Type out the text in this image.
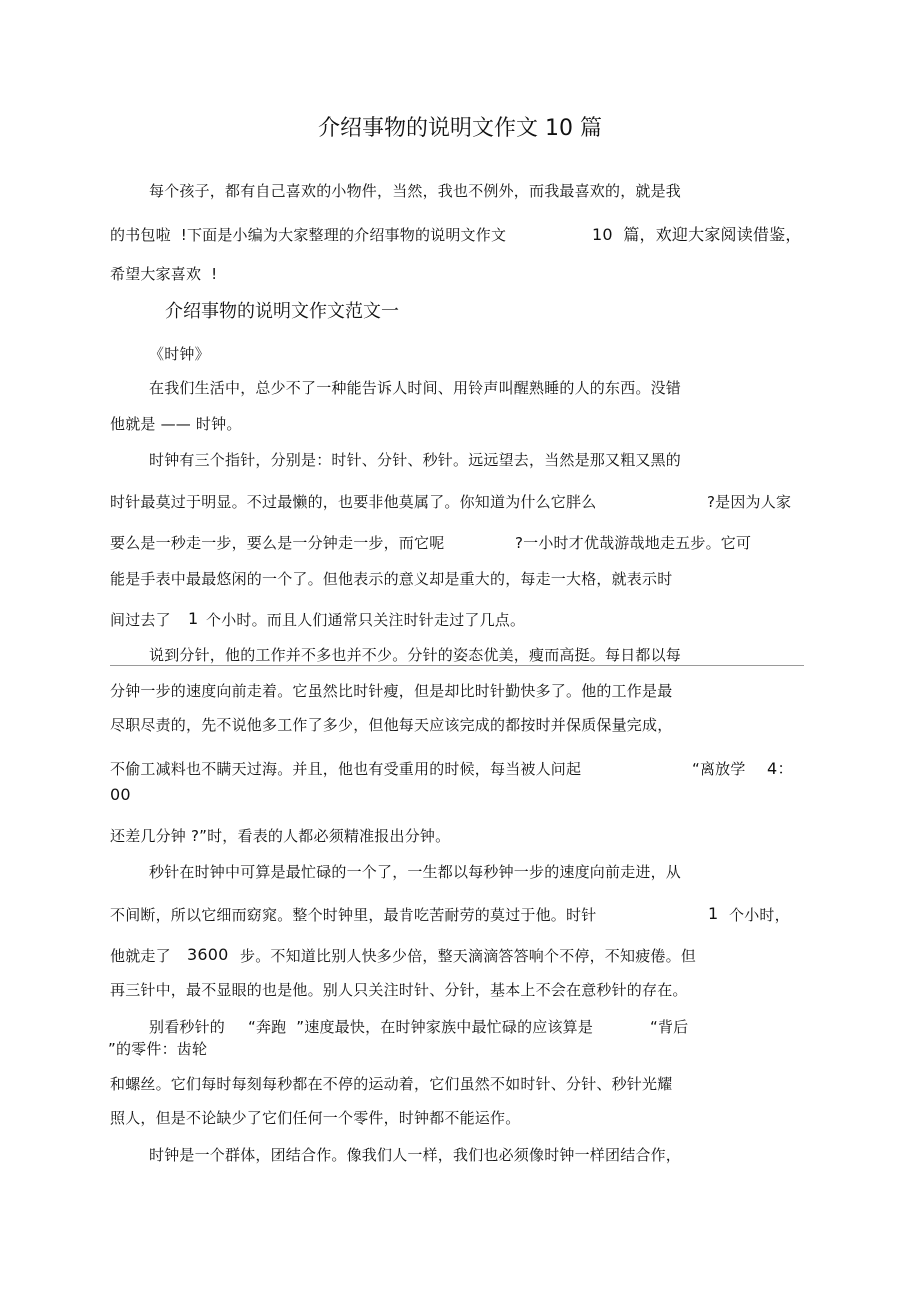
介绍事物的说明文作文 10 篇
每个孩子，都有自己喜欢的小物件，当然，我也不例外，而我最喜欢的，就是我
的书包啦  !下面是小编为大家整理的介绍事物的说明文作文	10  篇，欢迎大家阅读借鉴，
希望大家喜欢  !
介绍事物的说明文作文范文一
《时钟》
在我们生活中，总少不了一种能告诉人时间、用铃声叫醒熟睡的人的东西。没错
他就是 —— 时钟。
时钟有三个指针，分别是：时针、分针、秒针。远远望去，当然是那又粗又黑的
时针最莫过于明显。不过最懒的，也要非他莫属了。你知道为什么它胖么	?是因为人家
要么是一秒走一步，要么是一分钟走一步，而它呢	?一小时才优哉游哉地走五步。它可
能是手表中最最悠闲的一个了。但他表示的意义却是重大的，每走一大格，就表示时
间过去了 1 个小时。而且人们通常只关注时针走过了几点。
说到分针，他的工作并不多也并不少。分针的姿态优美，瘦而高挺。每日都以每
分钟一步的速度向前走着。它虽然比时针瘦，但是却比时针勤快多了。他的工作是最
尽职尽责的，先不说他多工作了多少，但他每天应该完成的都按时并保质保量完成，
不偷工减料也不瞒天过海。并且，他也有受重用的时候，每当被人问起	“离放学 4：
00
还差几分钟 ?”时，看表的人都必须精准报出分钟。
秒针在时钟中可算是最忙碌的一个了，一生都以每秒钟一步的速度向前走进，从
不间断，所以它细而窈窕。整个时钟里，最肯吃苦耐劳的莫过于他。时针	1 个小时，
他就走了 3600 步。不知道比别人快多少倍，整天滴滴答答响个不停，不知疲倦。但
再三针中，最不显眼的也是他。别人只关注时针、分针，基本上不会在意秒针的存在。
别看秒针的 “奔跑  ”速度最快，在时钟家族中最忙碌的应该算是	“背后
”的零件：齿轮
和螺丝。它们每时每刻每秒都在不停的运动着，它们虽然不如时针、分针、秒针光耀
照人，但是不论缺少了它们任何一个零件，时钟都不能运作。
时钟是一个群体，团结合作。像我们人一样，我们也必须像时钟一样团结合作，
